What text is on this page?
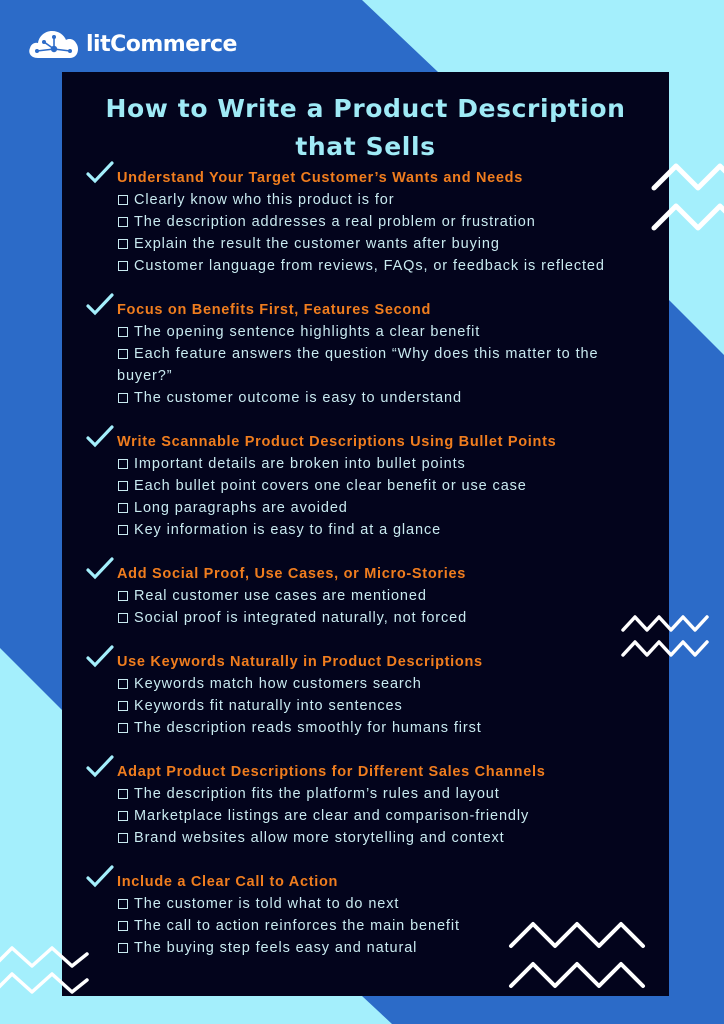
litCommerce
How to Write a Product Description
that Sells
Understand Your Target Customer’s Wants and Needs
Clearly know who this product is for
The description addresses a real problem or frustration
Explain the result the customer wants after buying
Customer language from reviews, FAQs, or feedback is reflected
Focus on Benefits First, Features Second
The opening sentence highlights a clear benefit
Each feature answers the question “Why does this matter to the buyer?”
The customer outcome is easy to understand
Write Scannable Product Descriptions Using Bullet Points
Important details are broken into bullet points
Each bullet point covers one clear benefit or use case
Long paragraphs are avoided
Key information is easy to find at a glance
Add Social Proof, Use Cases, or Micro-Stories
Real customer use cases are mentioned
Social proof is integrated naturally, not forced
Use Keywords Naturally in Product Descriptions
Keywords match how customers search
Keywords fit naturally into sentences
The description reads smoothly for humans first
Adapt Product Descriptions for Different Sales Channels
The description fits the platform’s rules and layout
Marketplace listings are clear and comparison-friendly
Brand websites allow more storytelling and context
Include a Clear Call to Action
The customer is told what to do next
The call to action reinforces the main benefit
The buying step feels easy and natural
